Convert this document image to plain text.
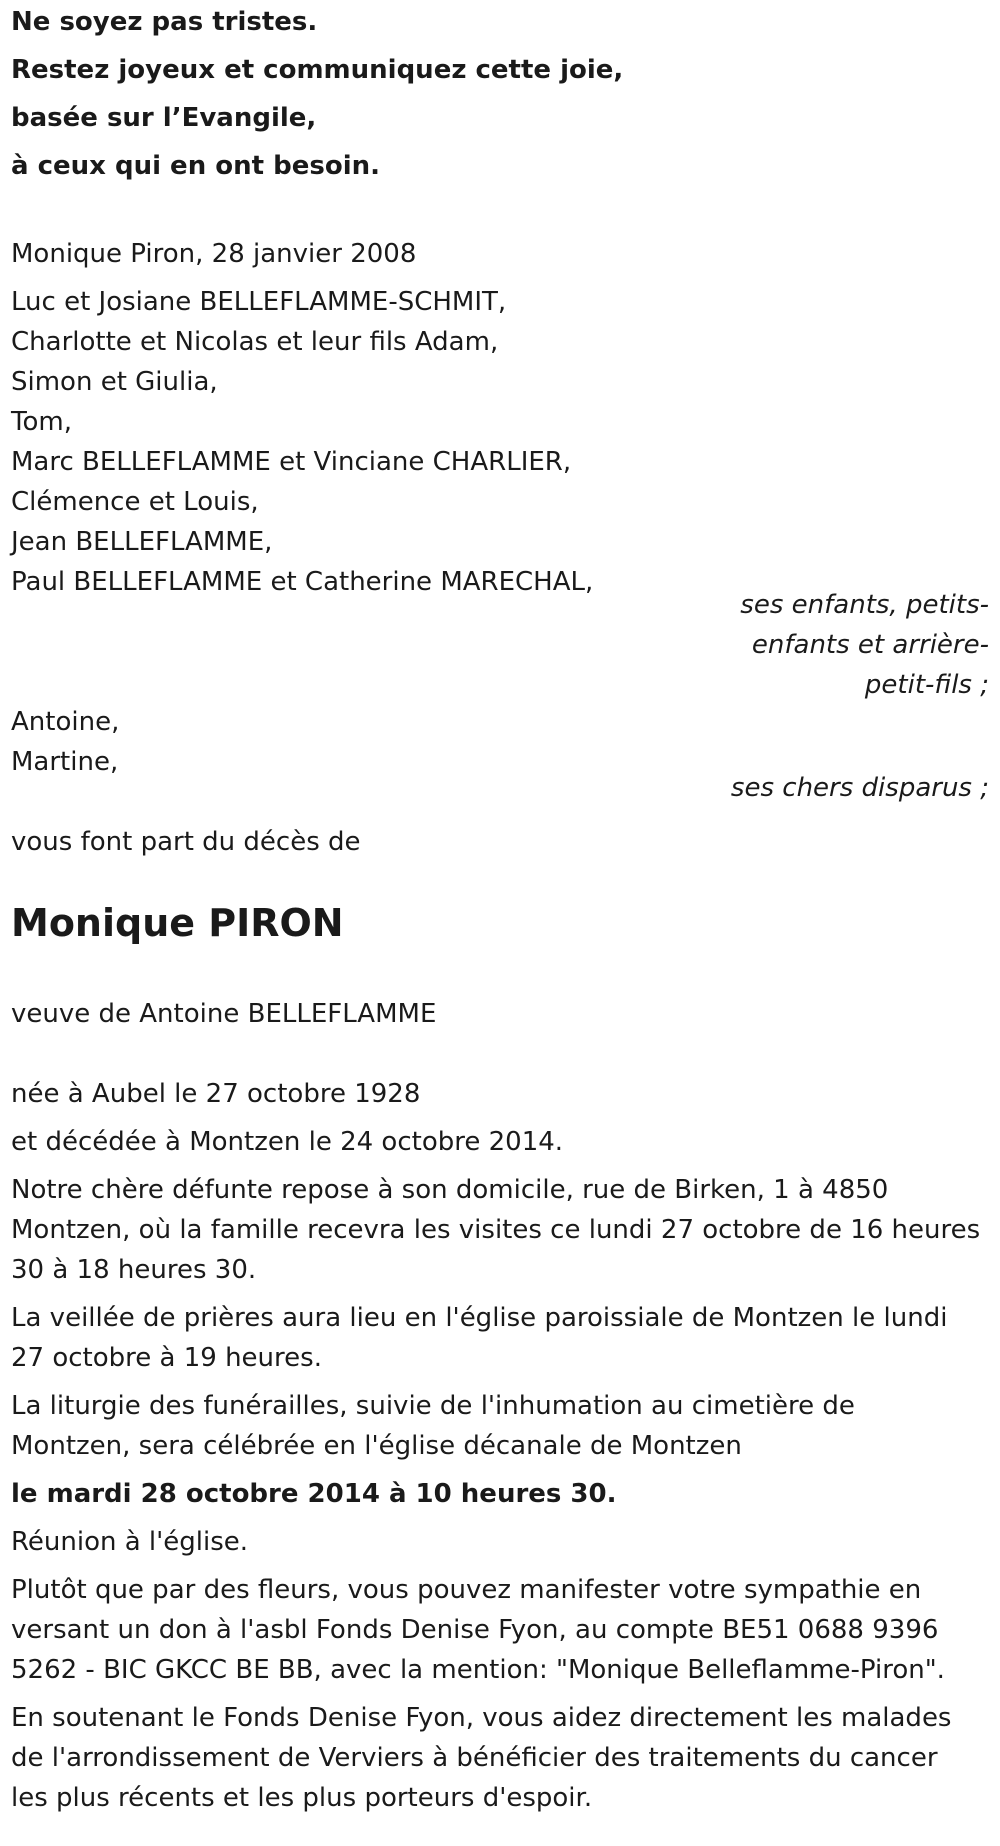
Ne soyez pas tristes.

Restez joyeux et communiquez cette joie,

basée sur l’Evangile,

à ceux qui en ont besoin.

Monique Piron, 28 janvier 2008

Luc et Josiane BELLEFLAMME-SCHMIT,

Charlotte et Nicolas et leur fils Adam,

Simon et Giulia,

Tom,

Marc BELLEFLAMME et Vinciane CHARLIER,

Clémence et Louis,

Jean BELLEFLAMME,

Paul BELLEFLAMME et Catherine MARECHAL,

ses enfants, petits-

enfants et arrière-

petit-fils ;

Antoine,

Martine,

ses chers disparus ;

vous font part du décès de

Monique PIRON

veuve de Antoine BELLEFLAMME

née à Aubel le 27 octobre 1928

et décédée à Montzen le 24 octobre 2014.

Notre chère défunte repose à son domicile, rue de Birken, 1 à 4850

Montzen, où la famille recevra les visites ce lundi 27 octobre de 16 heures

30 à 18 heures 30.

La veillée de prières aura lieu en l'église paroissiale de Montzen le lundi

27 octobre à 19 heures.

La liturgie des funérailles, suivie de l'inhumation au cimetière de

Montzen, sera célébrée en l'église décanale de Montzen

le mardi 28 octobre 2014 à 10 heures 30.

Réunion à l'église.

Plutôt que par des fleurs, vous pouvez manifester votre sympathie en

versant un don à l'asbl Fonds Denise Fyon, au compte BE51 0688 9396

5262 - BIC GKCC BE BB, avec la mention: "Monique Belleflamme-Piron".

En soutenant le Fonds Denise Fyon, vous aidez directement les malades

de l'arrondissement de Verviers à bénéficier des traitements du cancer

les plus récents et les plus porteurs d'espoir.
